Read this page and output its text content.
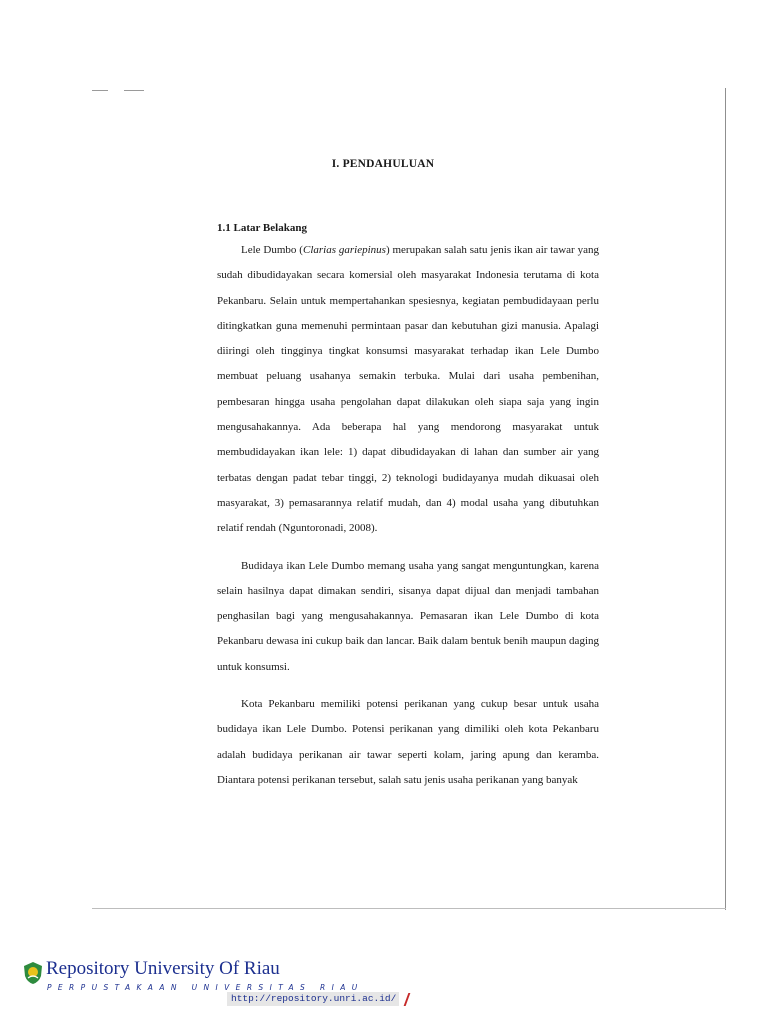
I. PENDAHULUAN
1.1 Latar Belakang

Lele Dumbo (Clarias gariepinus) merupakan salah satu jenis ikan air tawar yang sudah dibudidayakan secara komersial oleh masyarakat Indonesia terutama di kota Pekanbaru. Selain untuk mempertahankan spesiesnya, kegiatan pembudidayaan perlu ditingkatkan guna memenuhi permintaan pasar dan kebutuhan gizi manusia. Apalagi diiringi oleh tingginya tingkat konsumsi masyarakat terhadap ikan Lele Dumbo membuat peluang usahanya semakin terbuka. Mulai dari usaha pembenihan, pembesaran hingga usaha pengolahan dapat dilakukan oleh siapa saja yang ingin mengusahakannya. Ada beberapa hal yang mendorong masyarakat untuk membudidayakan ikan lele: 1) dapat dibudidayakan di lahan dan sumber air yang terbatas dengan padat tebar tinggi, 2) teknologi budidayanya mudah dikuasai oleh masyarakat, 3) pemasarannya relatif mudah, dan 4) modal usaha yang dibutuhkan relatif rendah (Nguntoronadi, 2008).

Budidaya ikan Lele Dumbo memang usaha yang sangat menguntungkan, karena selain hasilnya dapat dimakan sendiri, sisanya dapat dijual dan menjadi tambahan penghasilan bagi yang mengusahakannya. Pemasaran ikan Lele Dumbo di kota Pekanbaru dewasa ini cukup baik dan lancar. Baik dalam bentuk benih maupun daging untuk konsumsi.

Kota Pekanbaru memiliki potensi perikanan yang cukup besar untuk usaha budidaya ikan Lele Dumbo. Potensi perikanan yang dimiliki oleh kota Pekanbaru adalah budidaya perikanan air tawar seperti kolam, jaring apung dan keramba. Diantara potensi perikanan tersebut, salah satu jenis usaha perikanan yang banyak

Repository University Of Riau
PERPUSTAKAAN UNIVERSITAS RIAU
http://repository.unri.ac.id/
